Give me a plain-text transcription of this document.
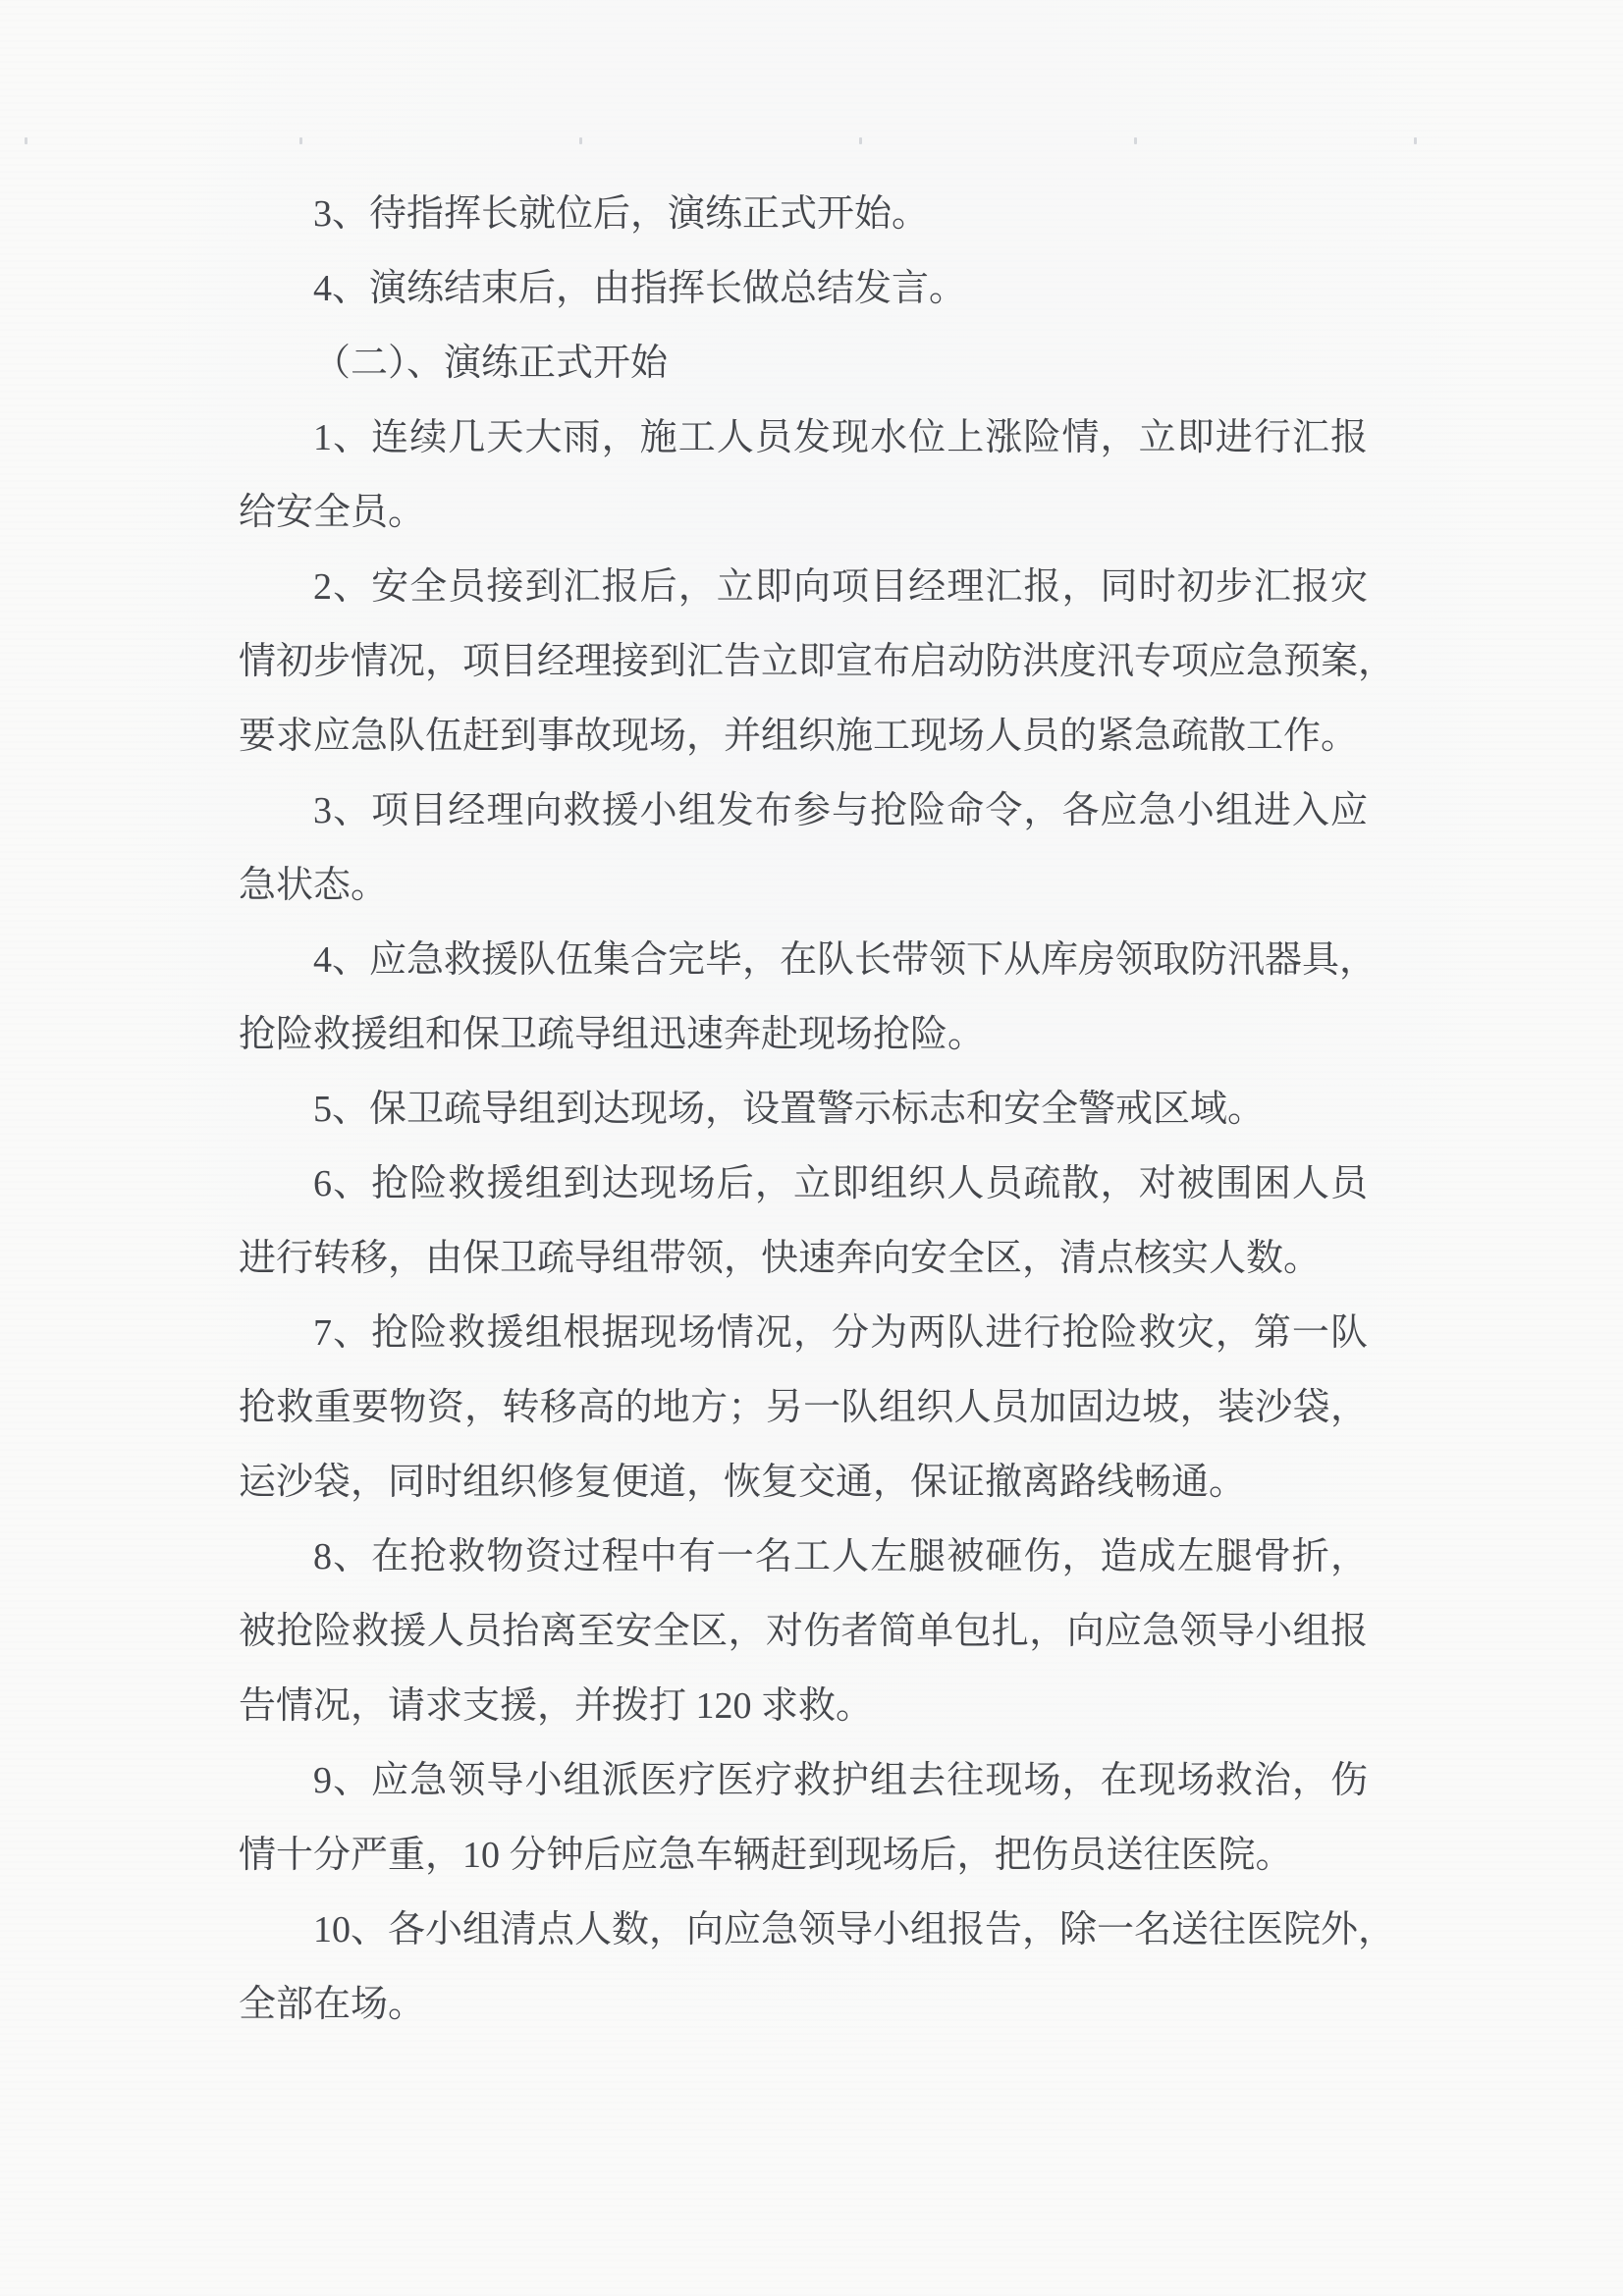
3、待指挥长就位后，演练正式开始。
4、演练结束后，由指挥长做总结发言。
（二）、演练正式开始
1、连续几天大雨，施工人员发现水位上涨险情，立即进行汇报
给安全员。
2、安全员接到汇报后，立即向项目经理汇报，同时初步汇报灾
情初步情况，项目经理接到汇告立即宣布启动防洪度汛专项应急预案，
要求应急队伍赶到事故现场，并组织施工现场人员的紧急疏散工作。
3、项目经理向救援小组发布参与抢险命令，各应急小组进入应
急状态。
4、应急救援队伍集合完毕，在队长带领下从库房领取防汛器具，
抢险救援组和保卫疏导组迅速奔赴现场抢险。
5、保卫疏导组到达现场，设置警示标志和安全警戒区域。
6、抢险救援组到达现场后，立即组织人员疏散，对被围困人员
进行转移，由保卫疏导组带领，快速奔向安全区，清点核实人数。
7、抢险救援组根据现场情况，分为两队进行抢险救灾，第一队
抢救重要物资，转移高的地方；另一队组织人员加固边坡，装沙袋，
运沙袋，同时组织修复便道，恢复交通，保证撤离路线畅通。
8、在抢救物资过程中有一名工人左腿被砸伤，造成左腿骨折，
被抢险救援人员抬离至安全区，对伤者简单包扎，向应急领导小组报
告情况，请求支援，并拨打 120 求救。
9、应急领导小组派医疗医疗救护组去往现场，在现场救治，伤
情十分严重，10 分钟后应急车辆赶到现场后，把伤员送往医院。
10、各小组清点人数，向应急领导小组报告，除一名送往医院外，
全部在场。
